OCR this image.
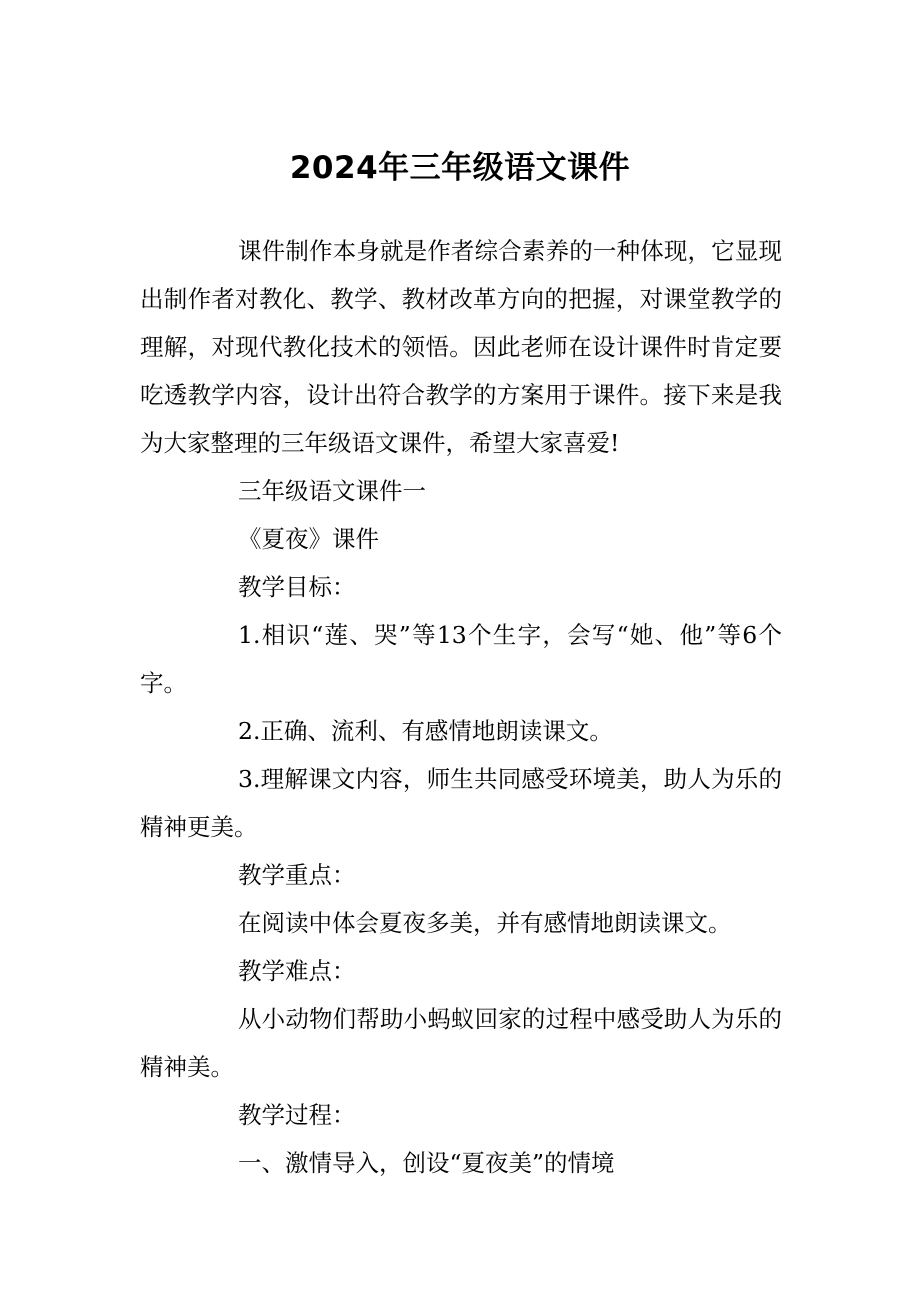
2024年三年级语文课件

课件制作本身就是作者综合素养的一种体现，它显现出制作者对教化、教学、教材改革方向的把握，对课堂教学的理解，对现代教化技术的领悟。因此老师在设计课件时肯定要吃透教学内容，设计出符合教学的方案用于课件。接下来是我为大家整理的三年级语文课件，希望大家喜爱!

三年级语文课件一

《夏夜》课件

教学目标：

1.相识“莲、哭”等13个生字，会写“她、他”等6个字。

2.正确、流利、有感情地朗读课文。

3.理解课文内容，师生共同感受环境美，助人为乐的精神更美。

教学重点：

在阅读中体会夏夜多美，并有感情地朗读课文。

教学难点：

从小动物们帮助小蚂蚁回家的过程中感受助人为乐的精神美。

教学过程：

一、激情导入，创设“夏夜美”的情境
